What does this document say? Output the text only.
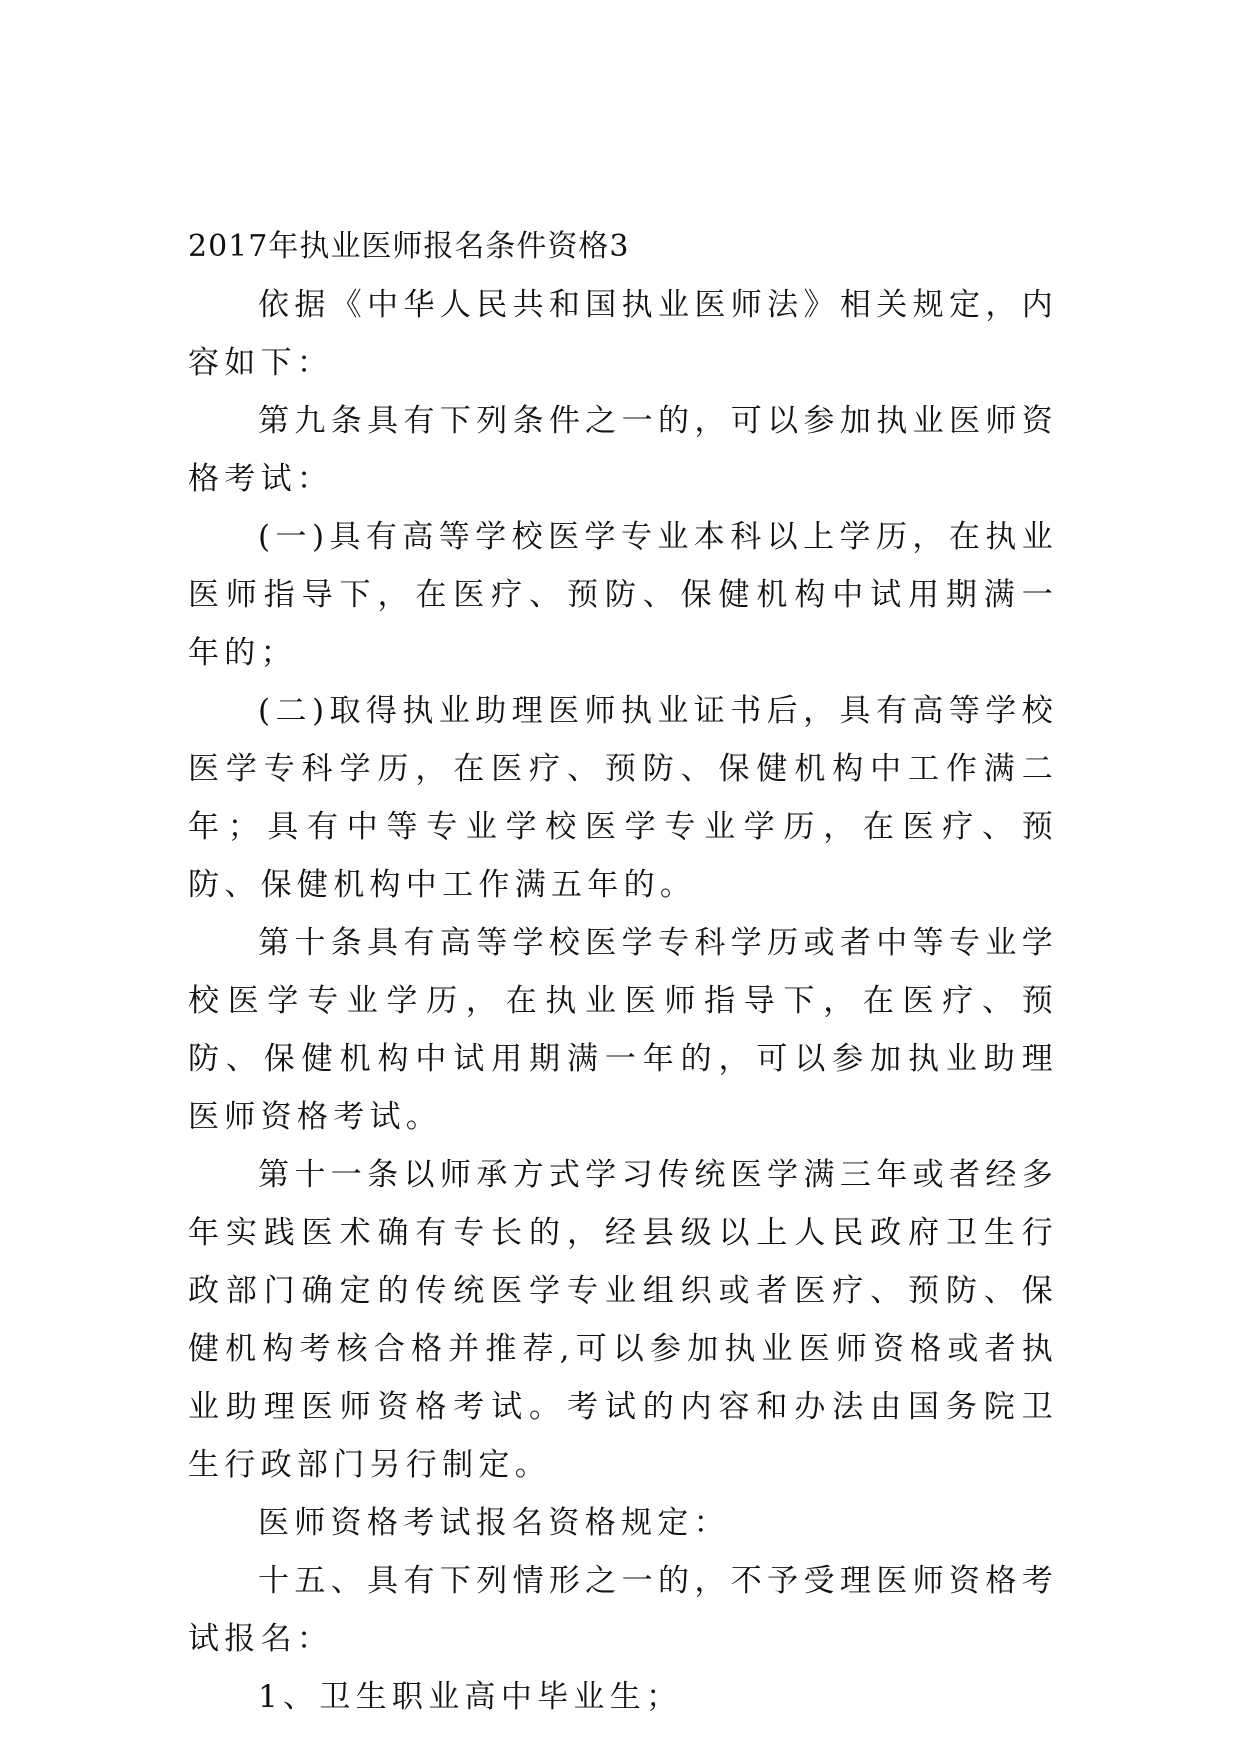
2017年执业医师报名条件资格3

依据《中华人民共和国执业医师法》相关规定，内容如下：

第九条具有下列条件之一的，可以参加执业医师资格考试：

(一)具有高等学校医学专业本科以上学历，在执业医师指导下，在医疗、预防、保健机构中试用期满一年的；

(二)取得执业助理医师执业证书后，具有高等学校医学专科学历，在医疗、预防、保健机构中工作满二年；具有中等专业学校医学专业学历，在医疗、预防、保健机构中工作满五年的。

第十条具有高等学校医学专科学历或者中等专业学校医学专业学历，在执业医师指导下，在医疗、预防、保健机构中试用期满一年的，可以参加执业助理医师资格考试。

第十一条以师承方式学习传统医学满三年或者经多年实践医术确有专长的，经县级以上人民政府卫生行政部门确定的传统医学专业组织或者医疗、预防、保健机构考核合格并推荐,可以参加执业医师资格或者执业助理医师资格考试。考试的内容和办法由国务院卫生行政部门另行制定。

医师资格考试报名资格规定：

十五、具有下列情形之一的，不予受理医师资格考试报名：

1、卫生职业高中毕业生；
